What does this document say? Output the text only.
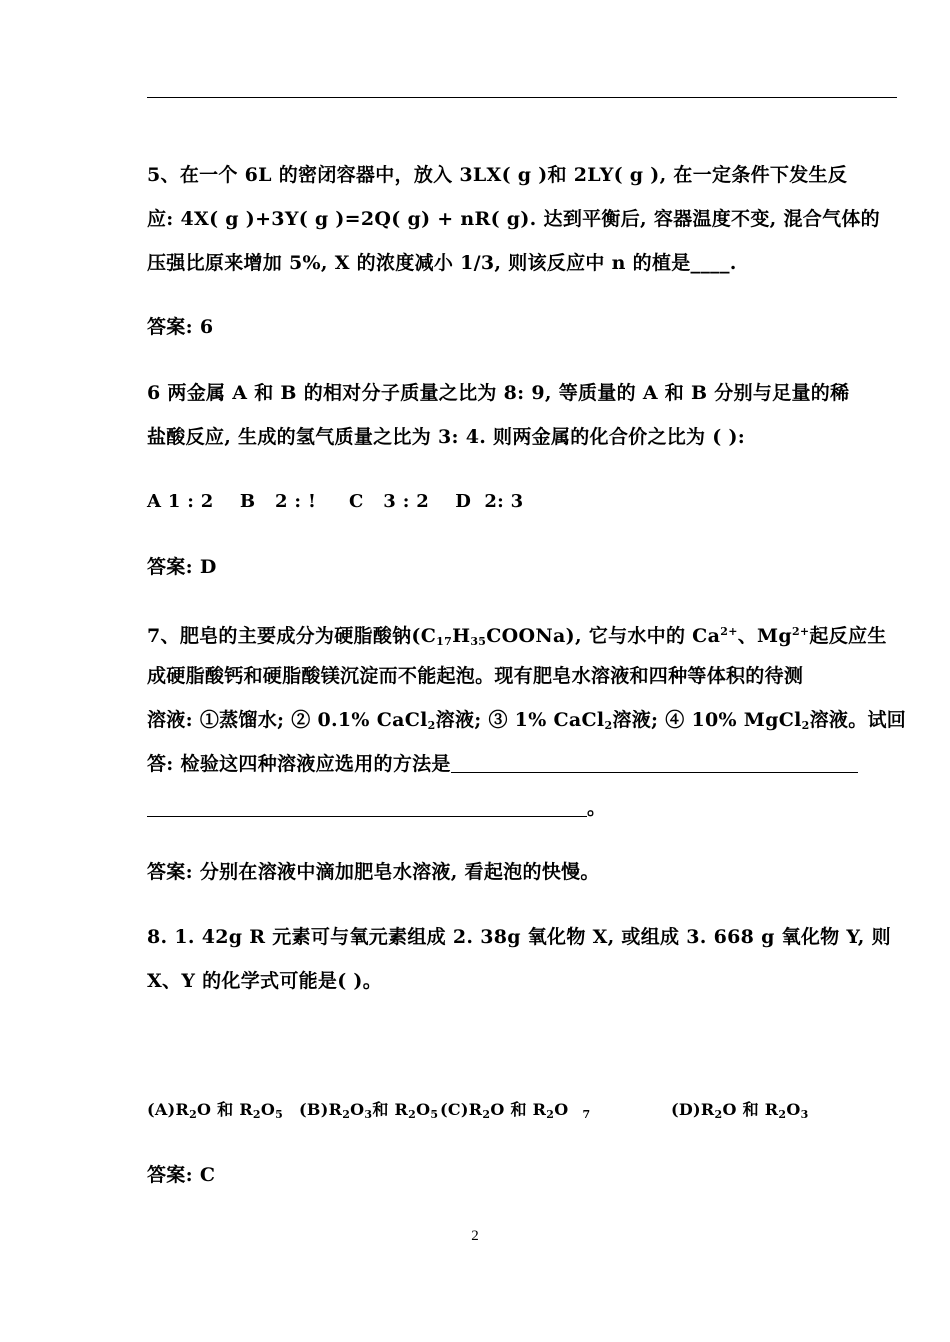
5、在一个 6L 的密闭容器中，放入 3LX( g )和 2LY( g ), 在一定条件下发生反
应: 4X( g )+3Y( g )=2Q( g) + nR( g). 达到平衡后, 容器温度不变, 混合气体的
压强比原来增加 5%, X 的浓度减小 1/3, 则该反应中 n 的植是____.
答案: 6
6 两金属 A 和 B 的相对分子质量之比为 8: 9, 等质量的 A 和 B 分别与足量的稀
盐酸反应, 生成的氢气质量之比为 3: 4. 则两金属的化合价之比为 ( ):
A 1 : 2    B   2 : !     C   3 : 2    D  2: 3
答案: D
7、肥皂的主要成分为硬脂酸钠$(C_{17}H_{35}COONa)$, 它与水中的 $Ca^{2+}$、$Mg^{2+}$起反应生
成硬脂酸钙和硬脂酸镁沉淀而不能起泡。现有肥皂水溶液和四种等体积的待测
溶液: ①蒸馏水; ② 0.1% CaCl$_2$溶液; ③ 1% CaCl$_2$溶液; ④ 10% MgCl$_2$溶液。试回
答: 检验这四种溶液应选用的方法是
。
答案: 分别在溶液中滴加肥皂水溶液, 看起泡的快慢。
8. 1. 42g R 元素可与氧元素组成 2. 38g 氧化物 X, 或组成 3. 668 g 氧化物 Y, 则
X、Y 的化学式可能是( )。
$(A)R_2O$ 和 $R_2O_5$ $(B)R_2O_3$和 $R_2O_5$ $(C)R_2O$ 和 $R_2O$ $_7$	$(D)R_2O$ 和 $R_2O_3$
答案: C
2
